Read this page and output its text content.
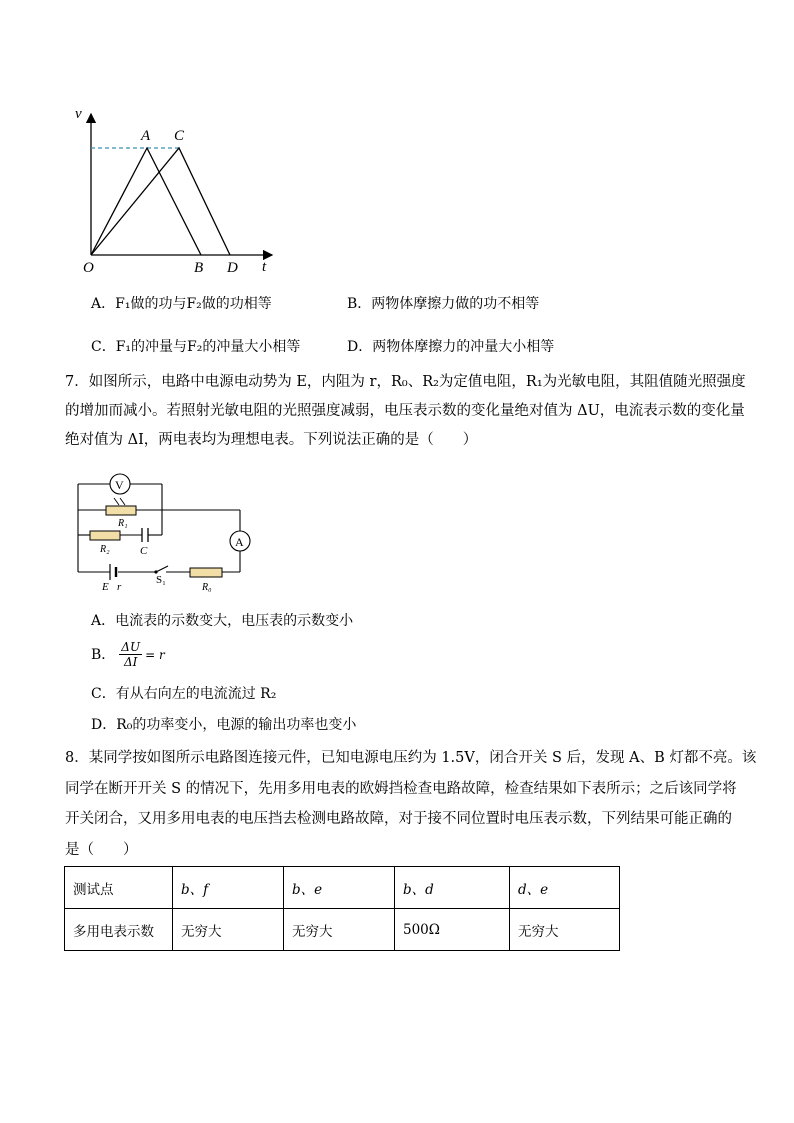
v
A C
O	B D t
A．F₁做的功与F₂做的功相等	B．两物体摩擦力做的功不相等
C．F₁的冲量与F₂的冲量大小相等	D．两物体摩擦力的冲量大小相等
7．如图所示，电路中电源电动势为 E，内阻为 r，R₀、R₂为定值电阻，R₁为光敏电阻，其阻值随光照强度
的增加而减小。若照射光敏电阻的光照强度减弱，电压表示数的变化量绝对值为 ΔU，电流表示数的变化量
绝对值为 ΔI，两电表均为理想电表。下列说法正确的是（　　）
V
R₁
R₂	C
A
E r
S₁
R₀
A．电流表的示数变大，电压表的示数变小
B． $\frac{\Delta U}{\Delta I} = r$
C．有从右向左的电流流过 R₂
D．R₀的功率变小，电源的输出功率也变小
8．某同学按如图所示电路图连接元件，已知电源电压约为 1.5V，闭合开关 S 后，发现 A、B 灯都不亮。该
同学在断开开关 S 的情况下，先用多用电表的欧姆挡检查电路故障，检查结果如下表所示；之后该同学将
开关闭合，又用多用电表的电压挡去检测电路故障，对于接不同位置时电压表示数，下列结果可能正确的
是（　　）
测试点	b、f	b、e	b、d	d、e
多用电表示数	无穷大	无穷大	500Ω	无穷大
